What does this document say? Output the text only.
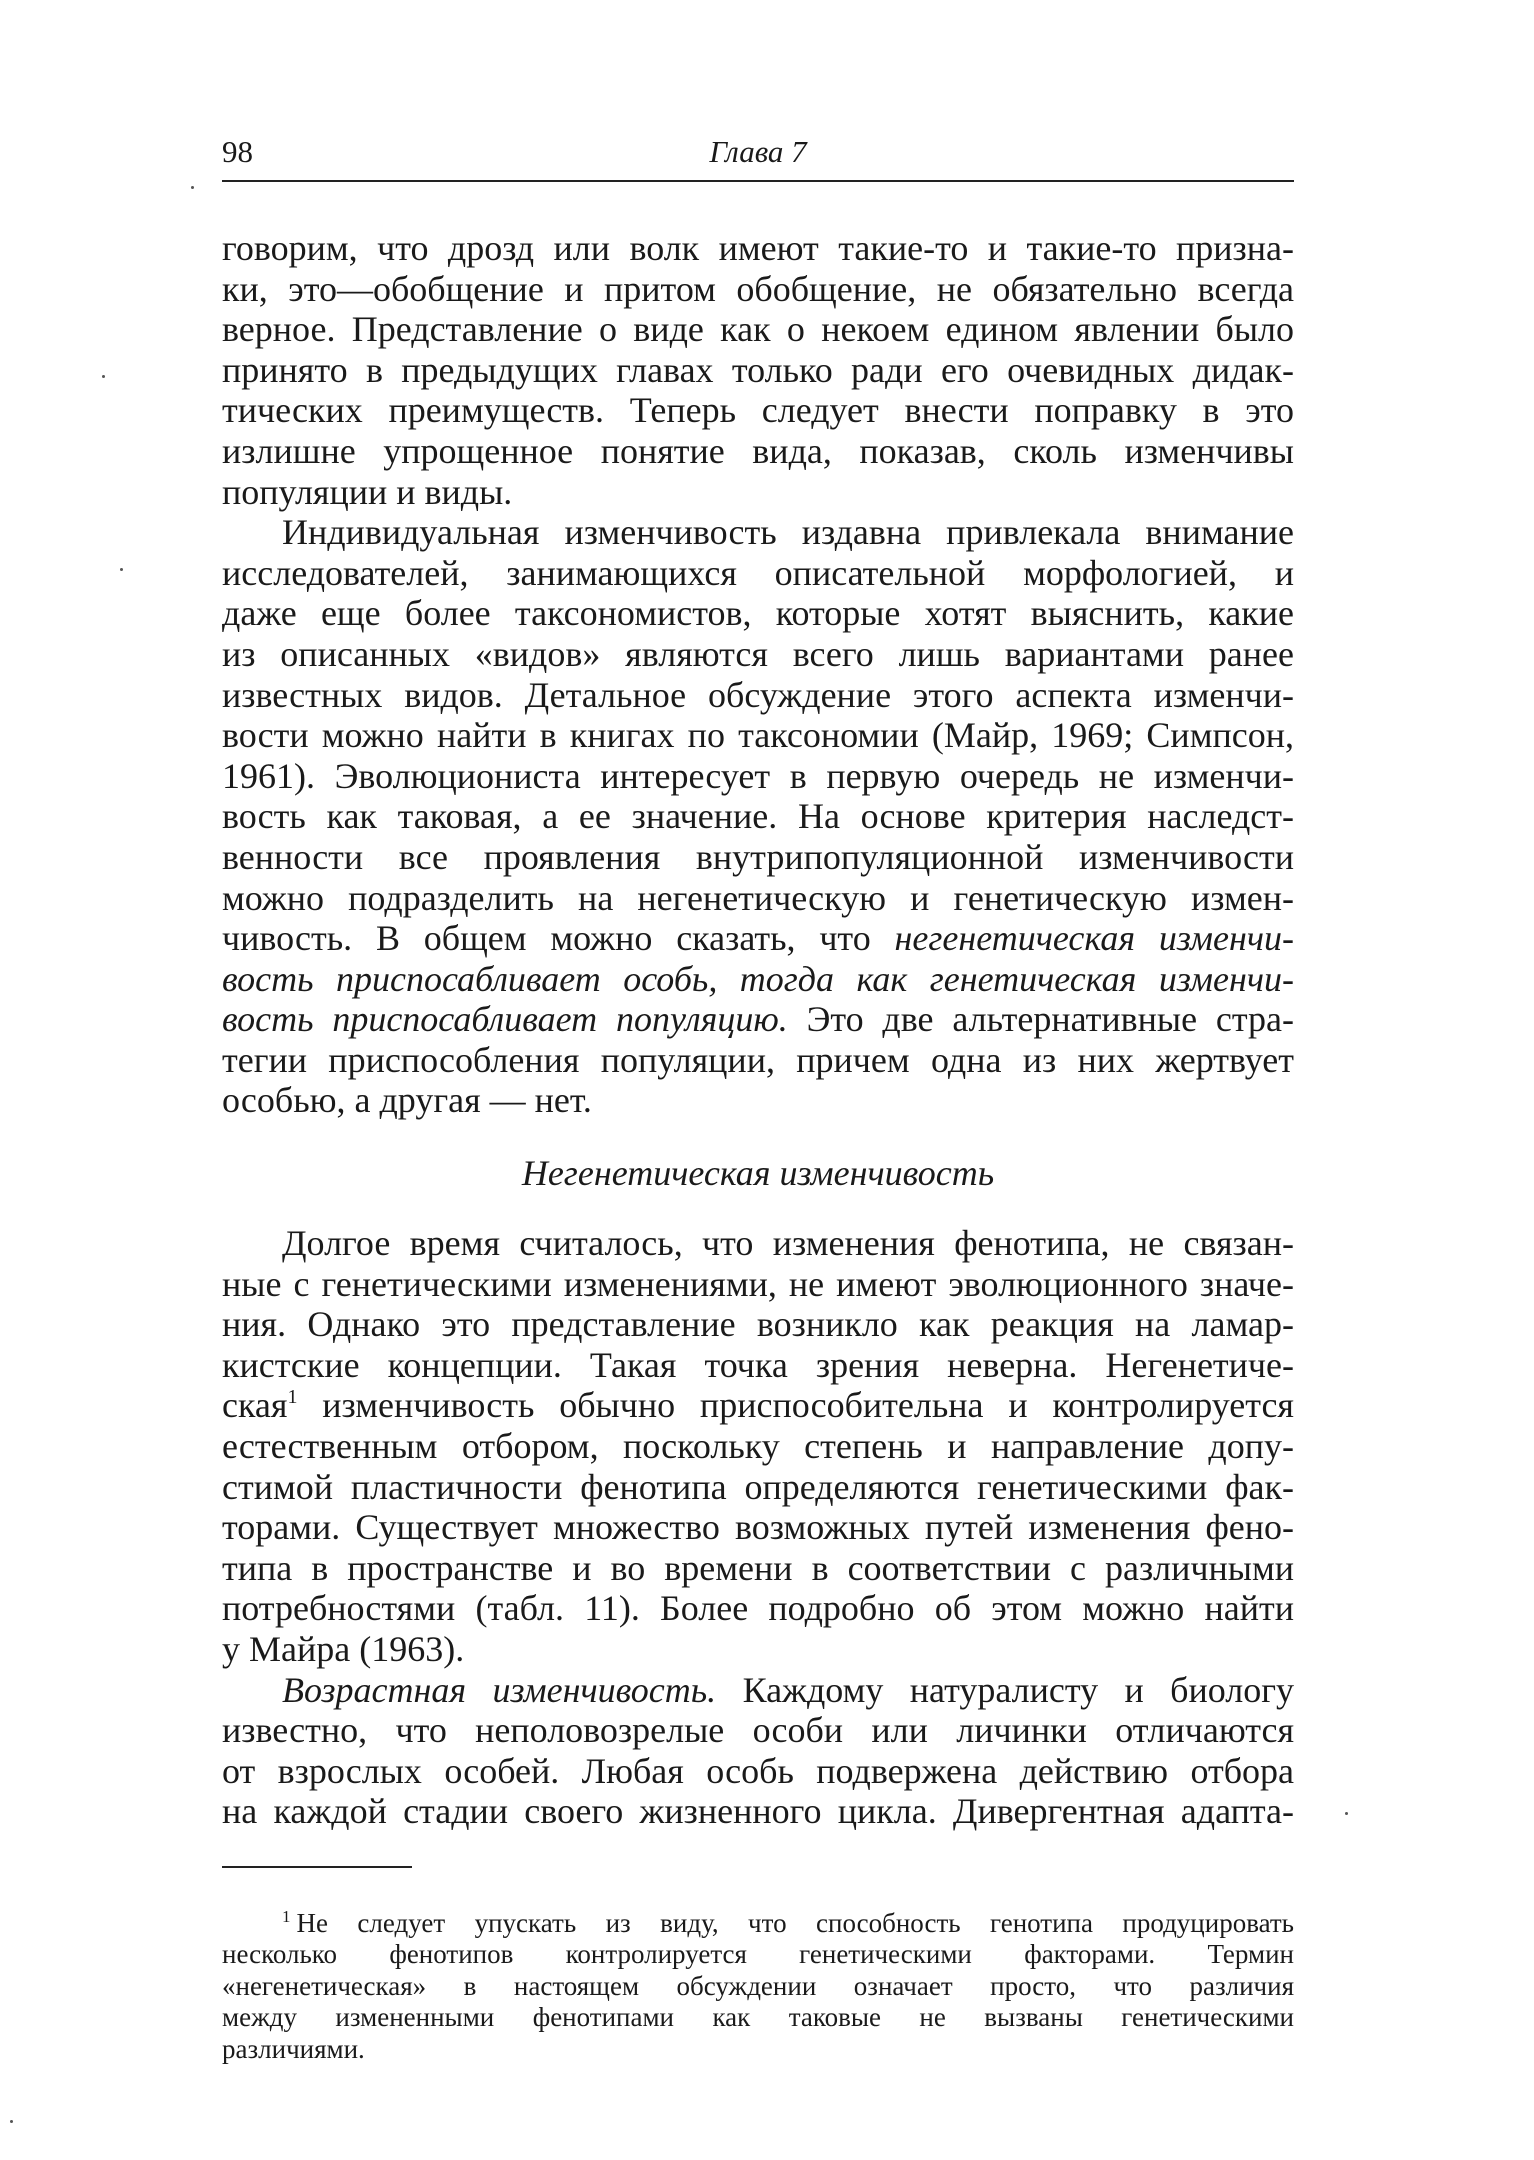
98	Глава 7
говорим, что дрозд или волк имеют такие-то и такие-то призна-
ки, это—обобщение и притом обобщение, не обязательно всегда
верное. Представление о виде как о некоем едином явлении было
принято в предыдущих главах только ради его очевидных дидак-
тических преимуществ. Теперь следует внести поправку в это
излишне упрощенное понятие вида, показав, сколь изменчивы
популяции и виды.
Индивидуальная изменчивость издавна привлекала внимание
исследователей, занимающихся описательной морфологией, и
даже еще более таксономистов, которые хотят выяснить, какие
из описанных «видов» являются всего лишь вариантами ранее
известных видов. Детальное обсуждение этого аспекта изменчи-
вости можно найти в книгах по таксономии (Майр, 1969; Симпсон,
1961). Эволюциониста интересует в первую очередь не изменчи-
вость как таковая, а ее значение. На основе критерия наследст-
венности все проявления внутрипопуляционной изменчивости
можно подразделить на негенетическую и генетическую измен-
чивость. В общем можно сказать, что негенетическая изменчи-
вость приспосабливает особь, тогда как генетическая изменчи-
вость приспосабливает популяцию. Это две альтернативные стра-
тегии приспособления популяции, причем одна из них жертвует
особью, а другая — нет.
Негенетическая изменчивость
Долгое время считалось, что изменения фенотипа, не связан-
ные с генетическими изменениями, не имеют эволюционного значе-
ния. Однако это представление возникло как реакция на ламар-
кистские концепции. Такая точка зрения неверна. Негенетиче-
ская$^1$ изменчивость обычно приспособительна и контролируется
естественным отбором, поскольку степень и направление допу-
стимой пластичности фенотипа определяются генетическими фак-
торами. Существует множество возможных путей изменения фено-
типа в пространстве и во времени в соответствии с различными
потребностями (табл. 11). Более подробно об этом можно найти
у Майра (1963).
Возрастная изменчивость. Каждому натуралисту и биологу
известно, что неполовозрелые особи или личинки отличаются
от взрослых особей. Любая особь подвержена действию отбора
на каждой стадии своего жизненного цикла. Дивергентная адапта-
$^1$ Не следует упускать из виду, что способность генотипа продуцировать
несколько фенотипов контролируется генетическими факторами. Термин
«негенетическая» в настоящем обсуждении означает просто, что различия
между измененными фенотипами как таковые не вызваны генетическими
различиями.
